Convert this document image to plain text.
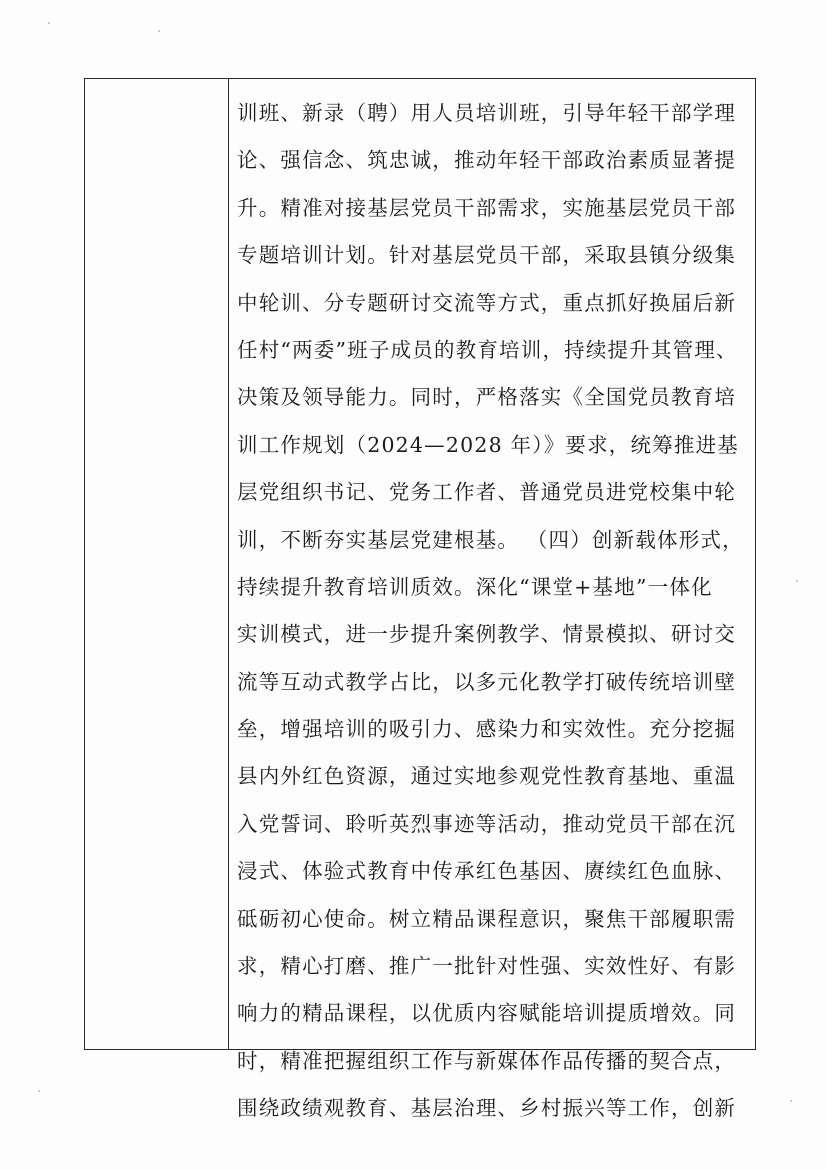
训班、新录（聘）用人员培训班，引导年轻干部学理
论、强信念、筑忠诚，推动年轻干部政治素质显著提
升。精准对接基层党员干部需求，实施基层党员干部
专题培训计划。针对基层党员干部，采取县镇分级集
中轮训、分专题研讨交流等方式，重点抓好换届后新
任村“两委”班子成员的教育培训，持续提升其管理、
决策及领导能力。同时，严格落实《全国党员教育培
训工作规划（2024—2028 年）》要求，统筹推进基
层党组织书记、党务工作者、普通党员进党校集中轮
训，不断夯实基层党建根基。 （四）创新载体形式，
持续提升教育培训质效。深化“课堂+基地”一体化
实训模式，进一步提升案例教学、情景模拟、研讨交
流等互动式教学占比，以多元化教学打破传统培训壁
垒，增强培训的吸引力、感染力和实效性。充分挖掘
县内外红色资源，通过实地参观党性教育基地、重温
入党誓词、聆听英烈事迹等活动，推动党员干部在沉
浸式、体验式教育中传承红色基因、赓续红色血脉、
砥砺初心使命。树立精品课程意识，聚焦干部履职需
求，精心打磨、推广一批针对性强、实效性好、有影
响力的精品课程，以优质内容赋能培训提质增效。同
时，精准把握组织工作与新媒体作品传播的契合点，
围绕政绩观教育、基层治理、乡村振兴等工作，创新
